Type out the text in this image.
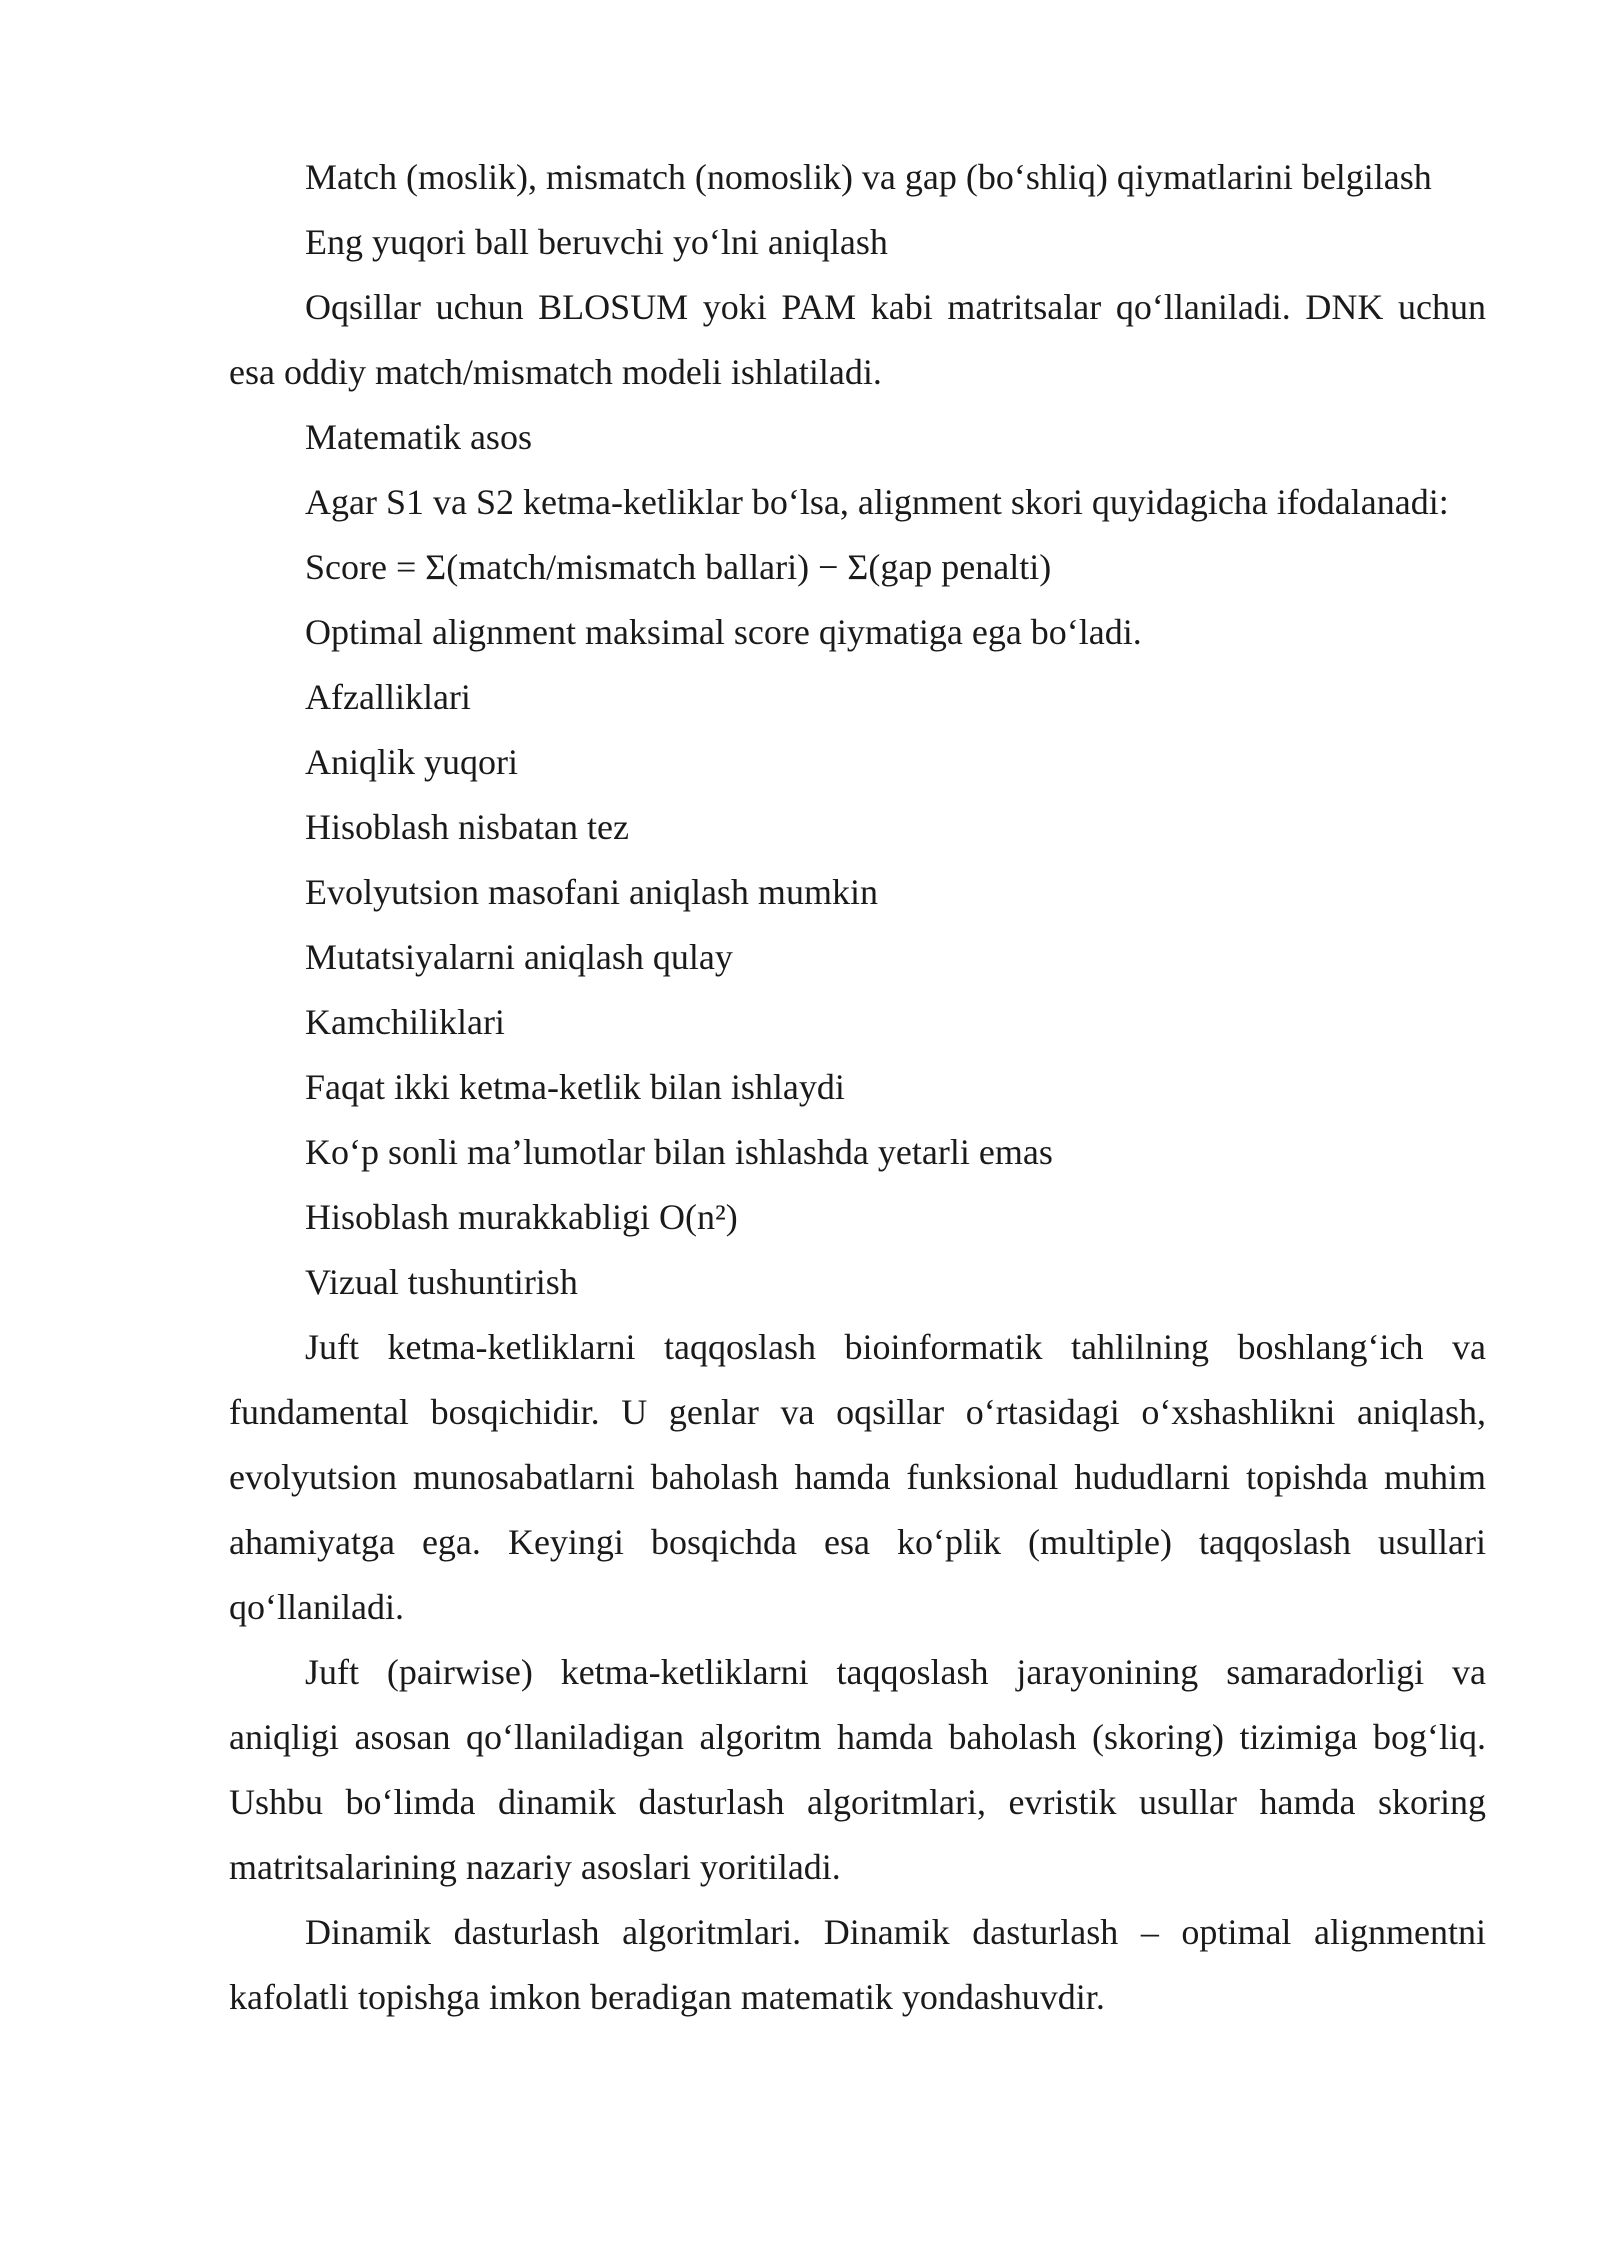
Match (moslik), mismatch (nomoslik) va gap (bo‘shliq) qiymatlarini belgilash

Eng yuqori ball beruvchi yo‘lni aniqlash

Oqsillar uchun BLOSUM yoki PAM kabi matritsalar qo‘llaniladi. DNK uchun esa oddiy match/mismatch modeli ishlatiladi.

Matematik asos

Agar S1 va S2 ketma-ketliklar bo‘lsa, alignment skori quyidagicha ifodalanadi:

Score = Σ(match/mismatch ballari) − Σ(gap penalti)

Optimal alignment maksimal score qiymatiga ega bo‘ladi.

Afzalliklari

Aniqlik yuqori

Hisoblash nisbatan tez

Evolyutsion masofani aniqlash mumkin

Mutatsiyalarni aniqlash qulay

Kamchiliklari

Faqat ikki ketma-ketlik bilan ishlaydi

Ko‘p sonli ma’lumotlar bilan ishlashda yetarli emas

Hisoblash murakkabligi O(n²)

Vizual tushuntirish

Juft ketma-ketliklarni taqqoslash bioinformatik tahlilning boshlang‘ich va fundamental bosqichidir. U genlar va oqsillar o‘rtasidagi o‘xshashlikni aniqlash, evolyutsion munosabatlarni baholash hamda funksional hududlarni topishda muhim ahamiyatga ega. Keyingi bosqichda esa ko‘plik (multiple) taqqoslash usullari qo‘llaniladi.

Juft (pairwise) ketma-ketliklarni taqqoslash jarayonining samaradorligi va aniqligi asosan qo‘llaniladigan algoritm hamda baholash (skoring) tizimiga bog‘liq. Ushbu bo‘limda dinamik dasturlash algoritmlari, evristik usullar hamda skoring matritsalarining nazariy asoslari yoritiladi.

Dinamik dasturlash algoritmlari. Dinamik dasturlash – optimal alignmentni kafolatli topishga imkon beradigan matematik yondashuvdir.
